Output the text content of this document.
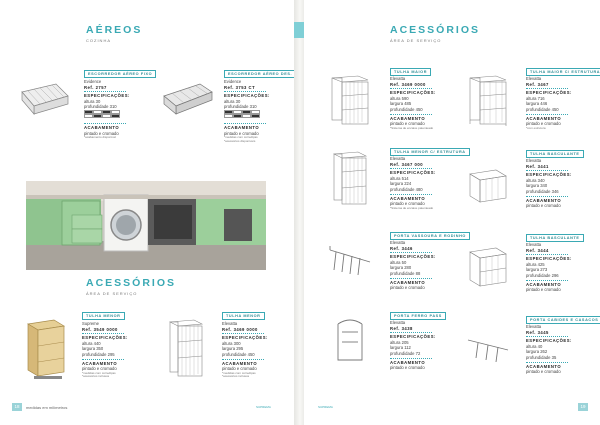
AÉREOS
COZINHA
ESCORREDOR AÉREO FIXO
Evidence
Ref. 2757
ESPECIFICAÇÕES:
altura 30
profundidade 310
ACABAMENTO
pintado e cromado
*acabamento disponível
ESCORREDOR AÉREO DES.
Evidence
Ref. 3753 CT
ESPECIFICAÇÕES:
altura 30
profundidade 310
ACABAMENTO
pintado e cromado
*medidas com corrediças
*acessórios disponíveis
ACESSÓRIOS
ÁREA DE SERVIÇO
TULHA MENOR
Supreme
Ref. 3549 0000
ESPECIFICAÇÕES:
altura 440
largura 350
profundidade 295
ACABAMENTO
pintado e cromado
*medidas com corrediças
*acessórios inclusos
TULHA MENOR
Elevatta
Ref. 3469 0000
ESPECIFICAÇÕES:
altura 300
largura 295
profundidade 450
ACABAMENTO
pintado e cromado
*medidas com corrediças
*acessórios inclusos
18	medidas em milímetros	SUPREMA
ACESSÓRIOS
ÁREA DE SERVIÇO
TULHA MAIOR
Elevatta
Ref. 3469 0000
ESPECIFICAÇÕES:
altura 590
largura 485
profundidade 450
ACABAMENTO
pintado e cromado
*Sistema de encaixe patenteado
TULHA MENOR C/ ESTRUTURA
Elevatta
Ref. 3467 000
ESPECIFICAÇÕES:
altura 514
largura 224
profundidade 480
ACABAMENTO
pintado e cromado
*Sistema de encaixe patenteado
PORTA VASSOURA E RODINHO
Elevatta
Ref. 3446
ESPECIFICAÇÕES:
altura 50
largura 280
profundidade 88
ACABAMENTO
pintado e cromado
PORTA FERRO PASS
Elevatta
Ref. 3438
ESPECIFICAÇÕES:
altura 205
largura 112
profundidade 72
ACABAMENTO
pintado e cromado
TULHA MAIOR C/ ESTRUTURA
Elevatta
Ref. 3467
ESPECIFICAÇÕES:
altura 716
largura 446
profundidade 450
ACABAMENTO
pintado e cromado
*com estrutura
TULHA BASCULANTE
Elevatta
Ref. 3441
ESPECIFICAÇÕES:
altura 340
largura 340
profundidade 346
ACABAMENTO
pintado e cromado
TULHA BASCULANTE
Elevatta
Ref. 3444
ESPECIFICAÇÕES:
altura 425
largura 273
profundidade 296
ACABAMENTO
pintado e cromado
PORTA CABIDES E CASACOS
Elevatta
Ref. 3445
ESPECIFICAÇÕES:
altura 40
largura 262
profundidade 35
ACABAMENTO
pintado e cromado
SUPREMA	19
